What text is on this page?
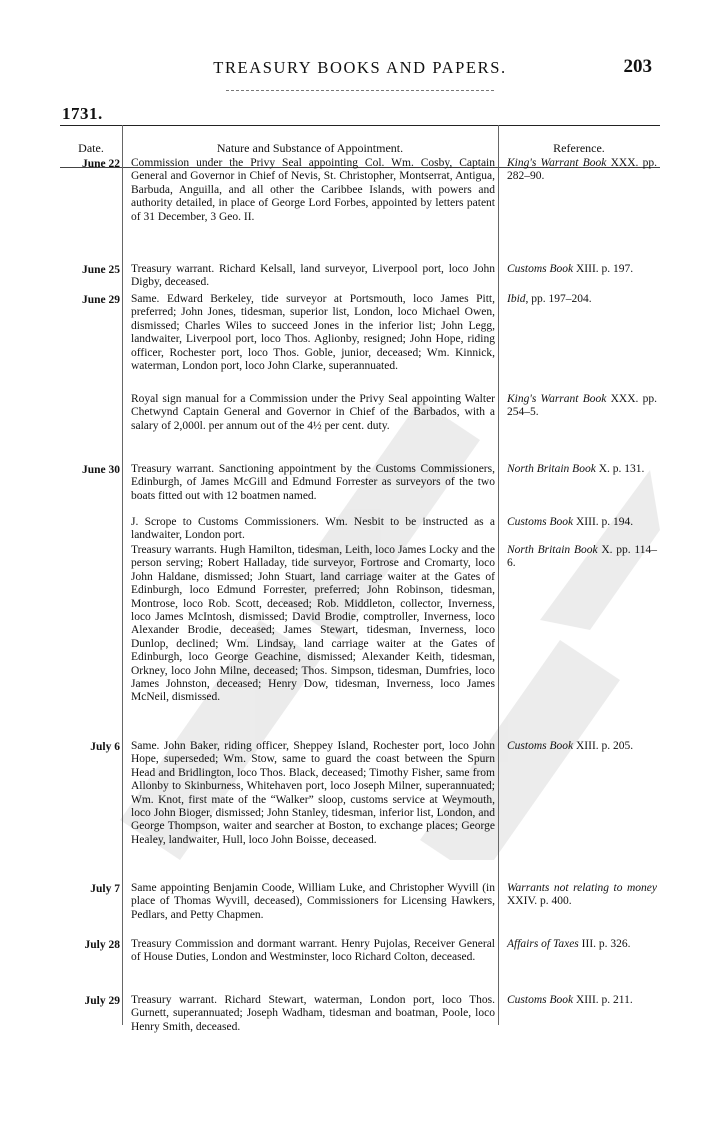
TREASURY BOOKS AND PAPERS.	203
1731.
Date.	Nature and Substance of Appointment.	Reference.
June 22 Commission under the Privy Seal appointing Col. Wm. Cosby, Captain General and Governor in Chief of Nevis, St. Christopher, Montserrat, Antigua, Barbuda, Anguilla, and all other the Caribbee Islands, with powers and authority detailed, in place of George Lord Forbes, appointed by letters patent of 31 December, 3 Geo. II.
King's Warrant Book XXX. pp. 282–90.
June 25 Treasury warrant. Richard Kelsall, land surveyor, Liverpool port, loco John Digby, deceased.
Customs Book XIII. p. 197.
June 29 Same. Edward Berkeley, tide surveyor at Portsmouth, loco James Pitt, preferred; John Jones, tidesman, superior list, London, loco Michael Owen, dismissed; Charles Wiles to succeed Jones in the inferior list; John Legg, landwaiter, Liverpool port, loco Thos. Aglionby, resigned; John Hope, riding officer, Rochester port, loco Thos. Goble, junior, deceased; Wm. Kinnick, waterman, London port, loco John Clarke, superannuated.
Ibid, pp. 197–204.
Royal sign manual for a Commission under the Privy Seal appointing Walter Chetwynd Captain General and Governor in Chief of the Barbados, with a salary of 2,000l. per annum out of the 4½ per cent. duty.
King's Warrant Book XXX. pp. 254–5.
June 30 Treasury warrant. Sanctioning appointment by the Customs Commissioners, Edinburgh, of James McGill and Edmund Forrester as surveyors of the two boats fitted out with 12 boatmen named.
North Britain Book X. p. 131.
J. Scrope to Customs Commissioners. Wm. Nesbit to be instructed as a landwaiter, London port.
Customs Book XIII. p. 194.
Treasury warrants. Hugh Hamilton, tidesman, Leith, loco James Locky and the person serving; Robert Halladay, tide surveyor, Fortrose and Cromarty, loco John Haldane, dismissed; John Stuart, land carriage waiter at the Gates of Edinburgh, loco Edmund Forrester, preferred; John Robinson, tidesman, Montrose, loco Rob. Scott, deceased; Rob. Middleton, collector, Inverness, loco James McIntosh, dismissed; David Brodie, comptroller, Inverness, loco Alexander Brodie, deceased; James Stewart, tidesman, Inverness, loco Dunlop, declined; Wm. Lindsay, land carriage waiter at the Gates of Edinburgh, loco George Geachine, dismissed; Alexander Keith, tidesman, Orkney, loco John Milne, deceased; Thos. Simpson, tidesman, Dumfries, loco James Johnston, deceased; Henry Dow, tidesman, Inverness, loco James McNeil, dismissed.
North Britain Book X. pp. 114–6.
July 6 Same. John Baker, riding officer, Sheppey Island, Rochester port, loco John Hope, superseded; Wm. Stow, same to guard the coast between the Spurn Head and Bridlington, loco Thos. Black, deceased; Timothy Fisher, same from Allonby to Skinburness, Whitehaven port, loco Joseph Milner, superannuated; Wm. Knot, first mate of the “Walker” sloop, customs service at Weymouth, loco John Bioger, dismissed; John Stanley, tidesman, inferior list, London, and George Thompson, waiter and searcher at Boston, to exchange places; George Healey, landwaiter, Hull, loco John Boisse, deceased.
Customs Book XIII. p. 205.
July 7 Same appointing Benjamin Coode, William Luke, and Christopher Wyvill (in place of Thomas Wyvill, deceased), Commissioners for Licensing Hawkers, Pedlars, and Petty Chapmen.
Warrants not relating to money XXIV. p. 400.
July 28 Treasury Commission and dormant warrant. Henry Pujolas, Receiver General of House Duties, London and Westminster, loco Richard Colton, deceased.
Affairs of Taxes III. p. 326.
July 29 Treasury warrant. Richard Stewart, waterman, London port, loco Thos. Gurnett, superannuated; Joseph Wadham, tidesman and boatman, Poole, loco Henry Smith, deceased.
Customs Book XIII. p. 211.
